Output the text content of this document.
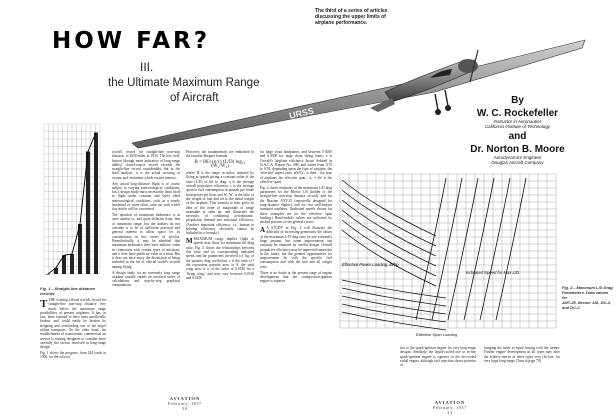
HOW FAR?
III.
the Ultimate Maximum Range
of Aircraft
The third of a series of articles
discussing the upper limits of
airplane performance.
URSS
By
W. C. Rockefeller
Instructor in Aeronautics
California Institute of Technology
and
Dr. Norton B. Moore
Aerodynamics Engineer
Douglas Aircraft Company
Fig. 1—Straight-line distance records

TTHE existing official world's record for straight-line non-stop distance very much below the maximum range possibilities of present airplanes. It has, in fact, been claimed to have been unofficially broken, and could easily be broken by stripping and overloading one of the larger airline transports. On the other hand, the establishment of transoceanic commercial air service is causing designers to consider more carefully the factors involved in long-range design.

Fig. 1 shows the progress, from 244 yards in 1906, for the official

world's record for straight-line non-stop distance, to 5658 miles in 1933. The less well-known (though more indicative of long-range ability) closed-course record exceeds the straight-line record considerably, but in the final analysis, it is the actual crossing of oceans and continents which excites interest.

Any actual long-distance flight is of course subject to varying meteorological conditions, but a design study must necessarily limit itself to flight under constant and fairly ideal meteorological conditions, such as a steady headwind or, more often, calm air, with which this article will be concerned.

The question of maximum endurance is at once similar to, and quite different from, that of maximum range, but the authors do not consider it to be of sufficient practical and general interest to allow space for its consideration in this series of articles. Parenthetically, it may be admitted that maximum endurance does have military value in connection with certain types of missions, and it does have publicity value as a stunt. But it does not once enjoy the distinction of being included in the list of official world's records among flying.

A design study for an extremely long range airplane usually entails an involved series of calculations and step-by-step graphical computations.

However, the fundamentals are embodied in the familiar Breguet formula

R = 863 (η/c) (L/D) log₁₀ (W₁/W₂)

where R is the range in miles, attained by flying at speeds giving a constant value of the ratio (L/D) of lift to drag, η is the average overall propulsive efficiency, c is the average specific fuel consumption in pounds per brake horsepower per hour, and W₁/W₂ is the ratio of the weight of fuel and oil to the initial weight of the airplane. This formula at least gives an idea of the order of magnitude of range attainable in calm air, and illustrates the necessity of combining aerodynamic, propulsion, thermal and structural efficiency. (Another important efficiency, i.e., human or piloting efficiency, obviously cannot be included in a formula.)

MMAXIMUM range implies flight at speeds near those for maximum lift-drag ratio. Fig. 2 shows the relationships between this ratio and its corresponding indicated speed, and the parameters involved (cf. fig. of the parasite drag coefficient, c is the ratio of l the equivalent parasite area, to S, the total wing area; it is of the order of 0.0180 for a 'flying wing,' and may vary between 0.0130 and 0.0250

for large clean landplanes, and between 0.0200 and 0.0300 for large clean flying boats; e is Oswald's 'airplane efficiency factor' defined in N.A.C.A. Report No. 408, and varies from 0.70 to 0.95, depending upon the type of airplane; the 'effective' aspect ratio, e(b/S)... is then... the type of airplane; the effective span... b₁ = eb² is the effective span).

Fig. 2 shows estimates of the maximum L/D drag parameters for the Bleriot 110 (holder of the straight-line non-stop distance record), and for the Russian ANT-25 (reportedly designed for long-distance flights), and for two well-known transport airplanes. (Indicated speeds shown for these examples are for the 'effective' span loading.) Hand-mobile values are indicated by dashed portions of the general curves.

A A STUDY of Fig. 2 will illustrate the difficulty of increasing generously the values of the maximum L/D drag ratio by any extremely large amount, but some improvement can certainly be obtained by careful design. Overall propulsive efficiency may be improved somewhat in the future, but the greatest opportunities for improvement lie with the specific fuel consumption and with the fuel and oil weight ratio.

There is no doubt at the present stage of engine development that the compression-ignition engine is superior

Effective Power Loading, lb/hp
Indicated Speed for Max L/D
Effective Span Loading
Fig. 2—Maximum L/D Drag
Parameters. Data values for
ANT-25, Breuer 118, DC-3,
and DC-2

rior to the spark-ignition engine for very long-range designs. Similarly, the liquid-cooled one or in-line spark-ignition engine is superior to the air-cooled radial engine, although fuel injection shows promise of

bringing the latter to equal footing with the former. Further engine development in all types may alter the relative merits of these types very (In fact, for very large long-range (Turn to page 79)

AVIATION
February, 1937
30
AVIATION
February, 1937
31
